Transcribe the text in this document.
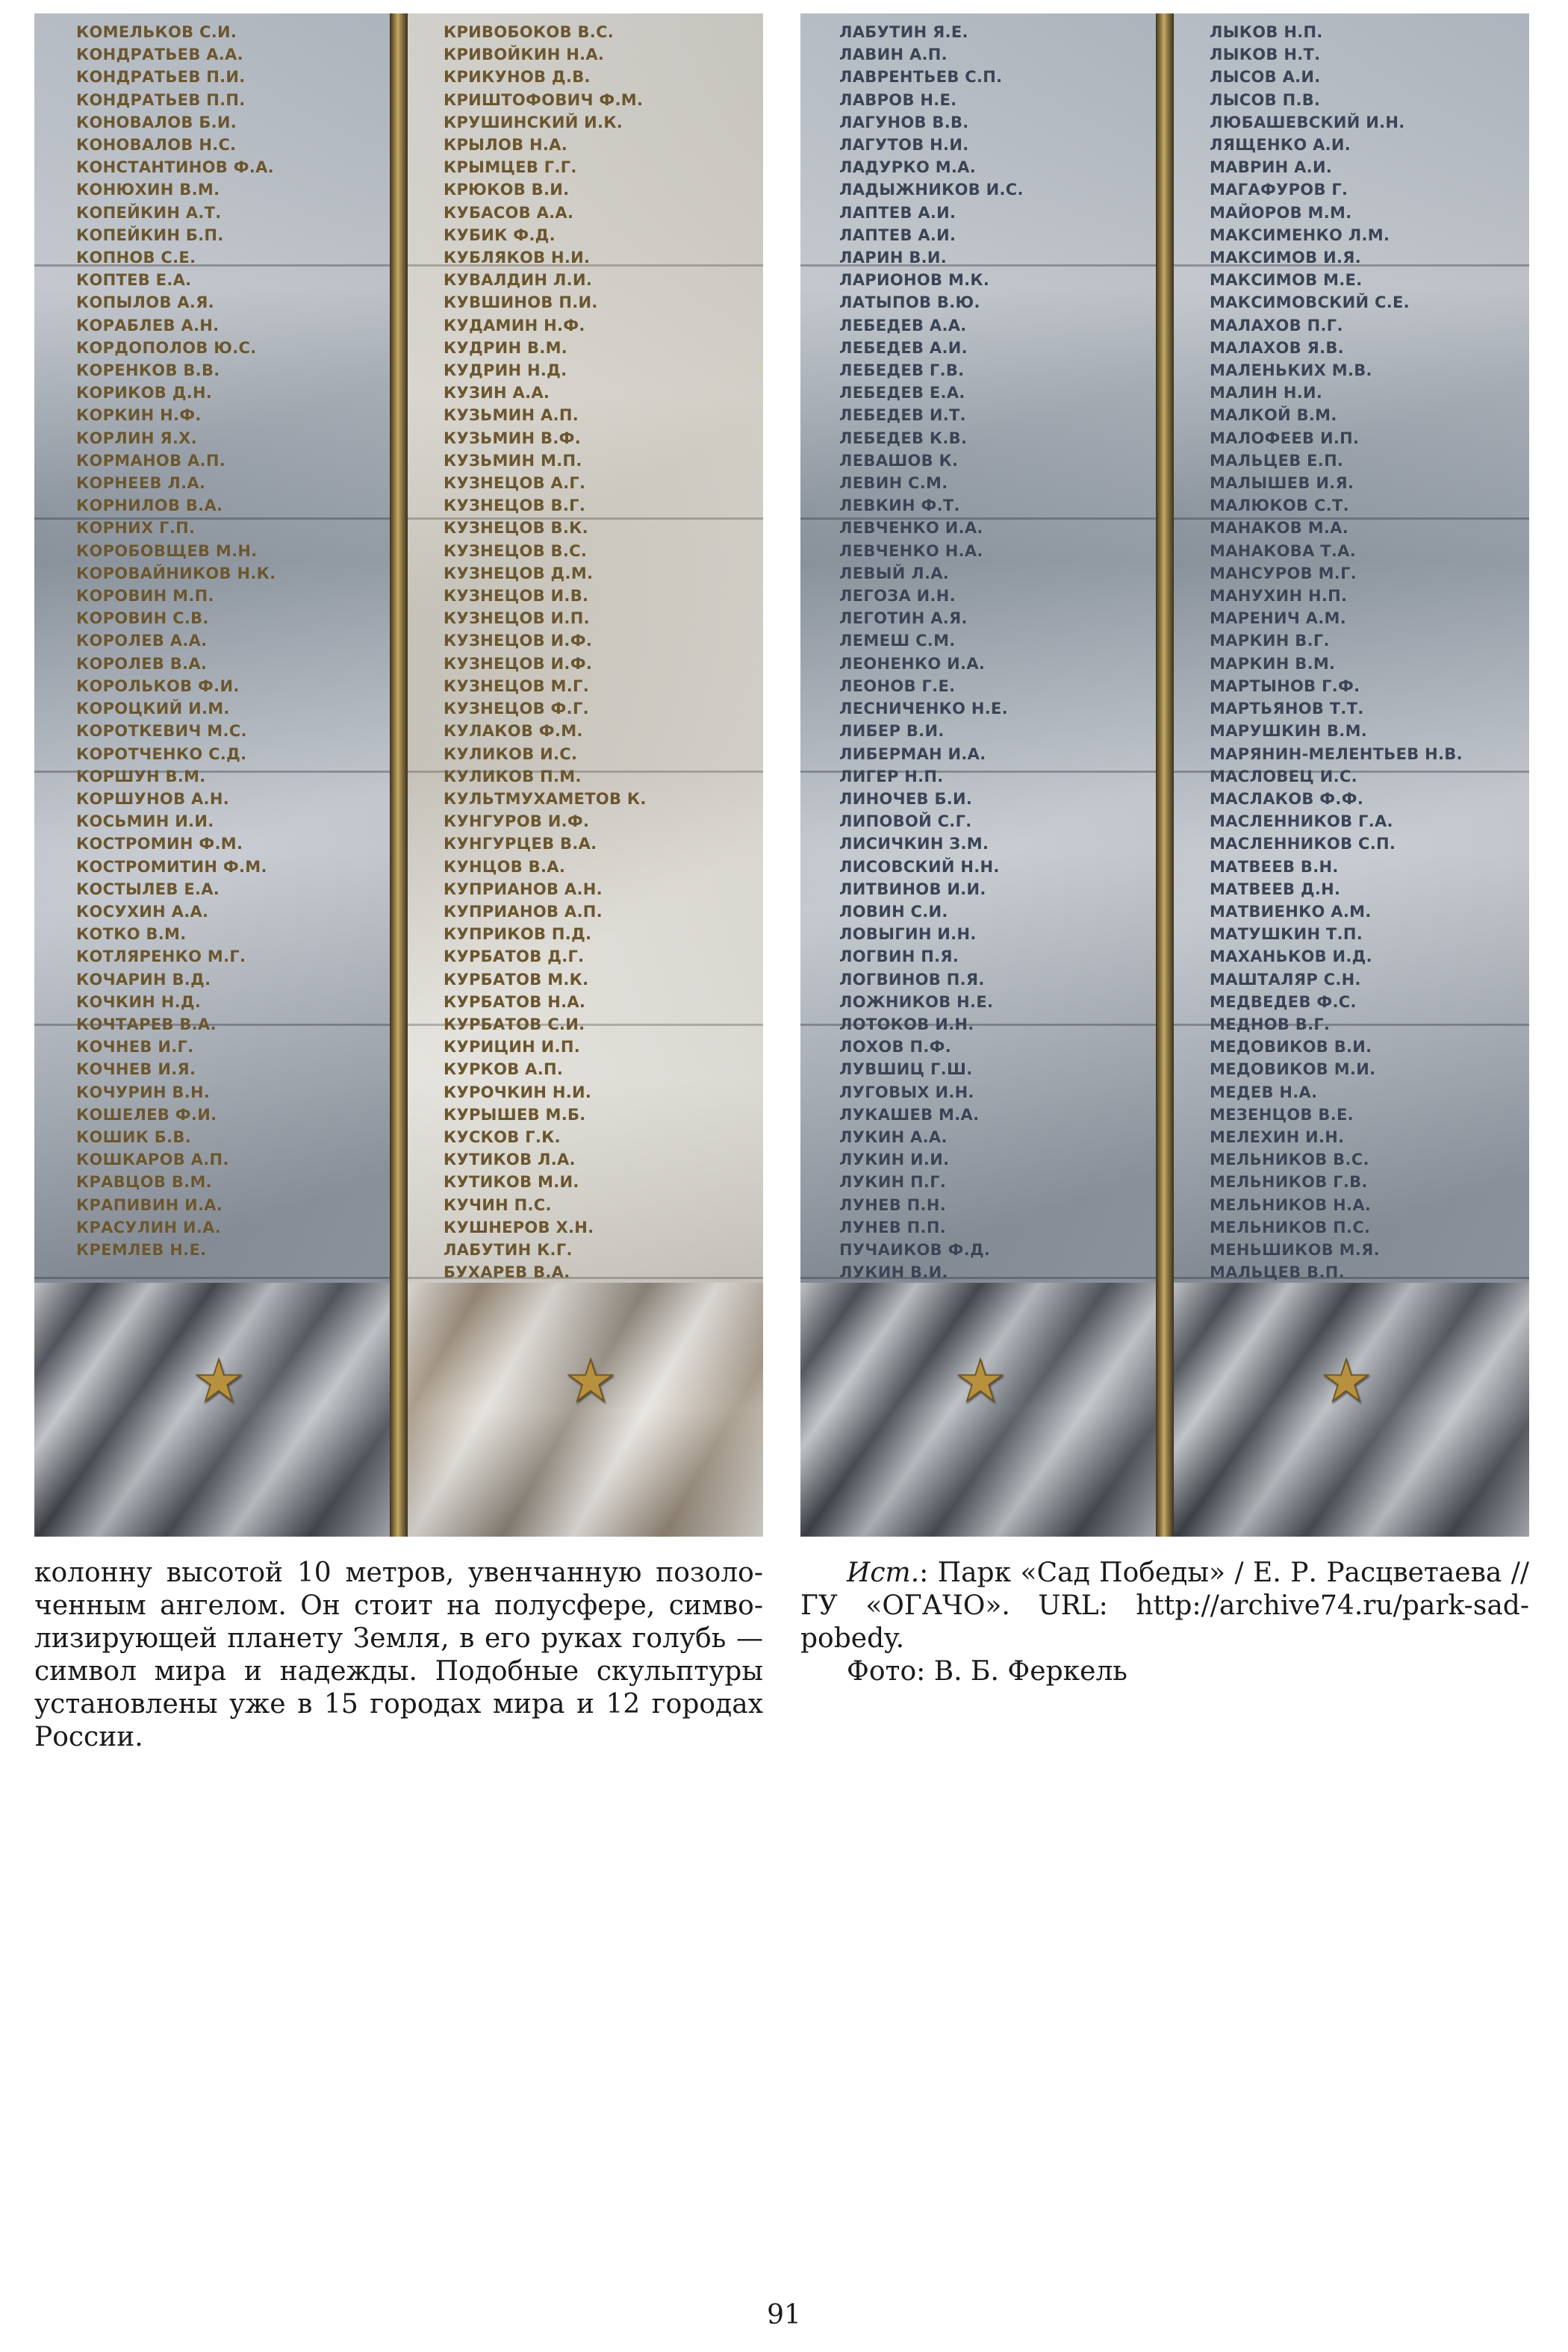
КОМЕЛЬКОВ С.И.
КОНДРАТЬЕВ А.А.
КОНДРАТЬЕВ П.И.
КОНДРАТЬЕВ П.П.
КОНОВАЛОВ Б.И.
КОНОВАЛОВ Н.С.
КОНСТАНТИНОВ Ф.А.
КОНЮХИН В.М.
КОПЕЙКИН А.Т.
КОПЕЙКИН Б.П.
КОПНОВ С.Е.
КОПТЕВ Е.А.
КОПЫЛОВ А.Я.
КОРАБЛЕВ А.Н.
КОРДОПОЛОВ Ю.С.
КОРЕНКОВ В.В.
КОРИКОВ Д.Н.
КОРКИН Н.Ф.
КОРЛИН Я.Х.
КОРМАНОВ А.П.
КОРНЕЕВ Л.А.
КОРНИЛОВ В.А.
КОРНИХ Г.П.
КОРОБОВЩЕВ М.Н.
КОРОВАЙНИКОВ Н.К.
КОРОВИН М.П.
КОРОВИН С.В.
КОРОЛЕВ А.А.
КОРОЛЕВ В.А.
КОРОЛЬКОВ Ф.И.
КОРОЦКИЙ И.М.
КОРОТКЕВИЧ М.С.
КОРОТЧЕНКО С.Д.
КОРШУН В.М.
КОРШУНОВ А.Н.
КОСЬМИН И.И.
КОСТРОМИН Ф.М.
КОСТРОМИТИН Ф.М.
КОСТЫЛЕВ Е.А.
КОСУХИН А.А.
КОТКО В.М.
КОТЛЯРЕНКО М.Г.
КОЧАРИН В.Д.
КОЧКИН Н.Д.
КОЧТАРЕВ В.А.
КОЧНЕВ И.Г.
КОЧНЕВ И.Я.
КОЧУРИН В.Н.
КОШЕЛЕВ Ф.И.
КОШИК Б.В.
КОШКАРОВ А.П.
КРАВЦОВ В.М.
КРАПИВИН И.А.
КРАСУЛИН И.А.
КРЕМЛЕВ Н.Е.
КРИВОБОКОВ В.С.
КРИВОЙКИН Н.А.
КРИКУНОВ Д.В.
КРИШТОФОВИЧ Ф.М.
КРУШИНСКИЙ И.К.
КРЫЛОВ Н.А.
КРЫМЦЕВ Г.Г.
КРЮКОВ В.И.
КУБАСОВ А.А.
КУБИК Ф.Д.
КУБЛЯКОВ Н.И.
КУВАЛДИН Л.И.
КУВШИНОВ П.И.
КУДАМИН Н.Ф.
КУДРИН В.М.
КУДРИН Н.Д.
КУЗИН А.А.
КУЗЬМИН А.П.
КУЗЬМИН В.Ф.
КУЗЬМИН М.П.
КУЗНЕЦОВ А.Г.
КУЗНЕЦОВ В.Г.
КУЗНЕЦОВ В.К.
КУЗНЕЦОВ В.С.
КУЗНЕЦОВ Д.М.
КУЗНЕЦОВ И.В.
КУЗНЕЦОВ И.П.
КУЗНЕЦОВ И.Ф.
КУЗНЕЦОВ И.Ф.
КУЗНЕЦОВ М.Г.
КУЗНЕЦОВ Ф.Г.
КУЛАКОВ Ф.М.
КУЛИКОВ И.С.
КУЛИКОВ П.М.
КУЛЬТМУХАМЕТОВ К.
КУНГУРОВ И.Ф.
КУНГУРЦЕВ В.А.
КУНЦОВ В.А.
КУПРИАНОВ А.Н.
КУПРИАНОВ А.П.
КУПРИКОВ П.Д.
КУРБАТОВ Д.Г.
КУРБАТОВ М.К.
КУРБАТОВ Н.А.
КУРБАТОВ С.И.
КУРИЦИН И.П.
КУРКОВ А.П.
КУРОЧКИН Н.И.
КУРЫШЕВ М.Б.
КУСКОВ Г.К.
КУТИКОВ Л.А.
КУТИКОВ М.И.
КУЧИН П.С.
КУШНЕРОВ Х.Н.
ЛАБУТИН К.Г.
БУХАРЕВ В.А.
ЛАБУТИН Я.Е.
ЛАВИН А.П.
ЛАВРЕНТЬЕВ С.П.
ЛАВРОВ Н.Е.
ЛАГУНОВ В.В.
ЛАГУТОВ Н.И.
ЛАДУРКО М.А.
ЛАДЫЖНИКОВ И.С.
ЛАПТЕВ А.И.
ЛАПТЕВ А.И.
ЛАРИН В.И.
ЛАРИОНОВ М.К.
ЛАТЫПОВ В.Ю.
ЛЕБЕДЕВ А.А.
ЛЕБЕДЕВ А.И.
ЛЕБЕДЕВ Г.В.
ЛЕБЕДЕВ Е.А.
ЛЕБЕДЕВ И.Т.
ЛЕБЕДЕВ К.В.
ЛЕВАШОВ К.
ЛЕВИН С.М.
ЛЕВКИН Ф.Т.
ЛЕВЧЕНКО И.А.
ЛЕВЧЕНКО Н.А.
ЛЕВЫЙ Л.А.
ЛЕГОЗА И.Н.
ЛЕГОТИН А.Я.
ЛЕМЕШ С.М.
ЛЕОНЕНКО И.А.
ЛЕОНОВ Г.Е.
ЛЕСНИЧЕНКО Н.Е.
ЛИБЕР В.И.
ЛИБЕРМАН И.А.
ЛИГЕР Н.П.
ЛИНОЧЕВ Б.И.
ЛИПОВОЙ С.Г.
ЛИСИЧКИН З.М.
ЛИСОВСКИЙ Н.Н.
ЛИТВИНОВ И.И.
ЛОВИН С.И.
ЛОВЫГИН И.Н.
ЛОГВИН П.Я.
ЛОГВИНОВ П.Я.
ЛОЖНИКОВ Н.Е.
ЛОТОКОВ И.Н.
ЛОХОВ П.Ф.
ЛУВШИЦ Г.Ш.
ЛУГОВЫХ И.Н.
ЛУКАШЕВ М.А.
ЛУКИН А.А.
ЛУКИН И.И.
ЛУКИН П.Г.
ЛУНЕВ П.Н.
ЛУНЕВ П.П.
ПУЧАИКОВ Ф.Д.
ЛУКИН В.И.
ЛЫКОВ Н.П.
ЛЫКОВ Н.Т.
ЛЫСОВ А.И.
ЛЫСОВ П.В.
ЛЮБАШЕВСКИЙ И.Н.
ЛЯЩЕНКО А.И.
МАВРИН А.И.
МАГАФУРОВ Г.
МАЙОРОВ М.М.
МАКСИМЕНКО Л.М.
МАКСИМОВ И.Я.
МАКСИМОВ М.Е.
МАКСИМОВСКИЙ С.Е.
МАЛАХОВ П.Г.
МАЛАХОВ Я.В.
МАЛЕНЬКИХ М.В.
МАЛИН Н.И.
МАЛКОЙ В.М.
МАЛОФЕЕВ И.П.
МАЛЬЦЕВ Е.П.
МАЛЫШЕВ И.Я.
МАЛЮКОВ С.Т.
МАНАКОВ М.А.
МАНАКОВА Т.А.
МАНСУРОВ М.Г.
МАНУХИН Н.П.
МАРЕНИЧ А.М.
МАРКИН В.Г.
МАРКИН В.М.
МАРТЫНОВ Г.Ф.
МАРТЬЯНОВ Т.Т.
МАРУШКИН В.М.
МАРЯНИН-МЕЛЕНТЬЕВ Н.В.
МАСЛОВЕЦ И.С.
МАСЛАКОВ Ф.Ф.
МАСЛЕННИКОВ Г.А.
МАСЛЕННИКОВ С.П.
МАТВЕЕВ В.Н.
МАТВЕЕВ Д.Н.
МАТВИЕНКО А.М.
МАТУШКИН Т.П.
МАХАНЬКОВ И.Д.
МАШТАЛЯР С.Н.
МЕДВЕДЕВ Ф.С.
МЕДНОВ В.Г.
МЕДОВИКОВ В.И.
МЕДОВИКОВ М.И.
МЕДЕВ Н.А.
МЕЗЕНЦОВ В.Е.
МЕЛЕХИН И.Н.
МЕЛЬНИКОВ В.С.
МЕЛЬНИКОВ Г.В.
МЕЛЬНИКОВ Н.А.
МЕЛЬНИКОВ П.С.
МЕНЬШИКОВ М.Я.
МАЛЬЦЕВ В.П.
колонну высотой 10 метров, увенчанную позоло-
ченным ангелом. Он стоит на полусфере, симво-
лизирующей планету Земля, в его руках голубь —
символ мира и надежды. Подобные скульптуры
установлены уже в 15 городах мира и 12 городах
России.

Ист.: Парк «Сад Победы» / Е. Р. Расцветаева // ГУ «ОГАЧО». URL: http://archive74.ru/park-sad-pobedy.

Фото: В. Б. Феркель

91
